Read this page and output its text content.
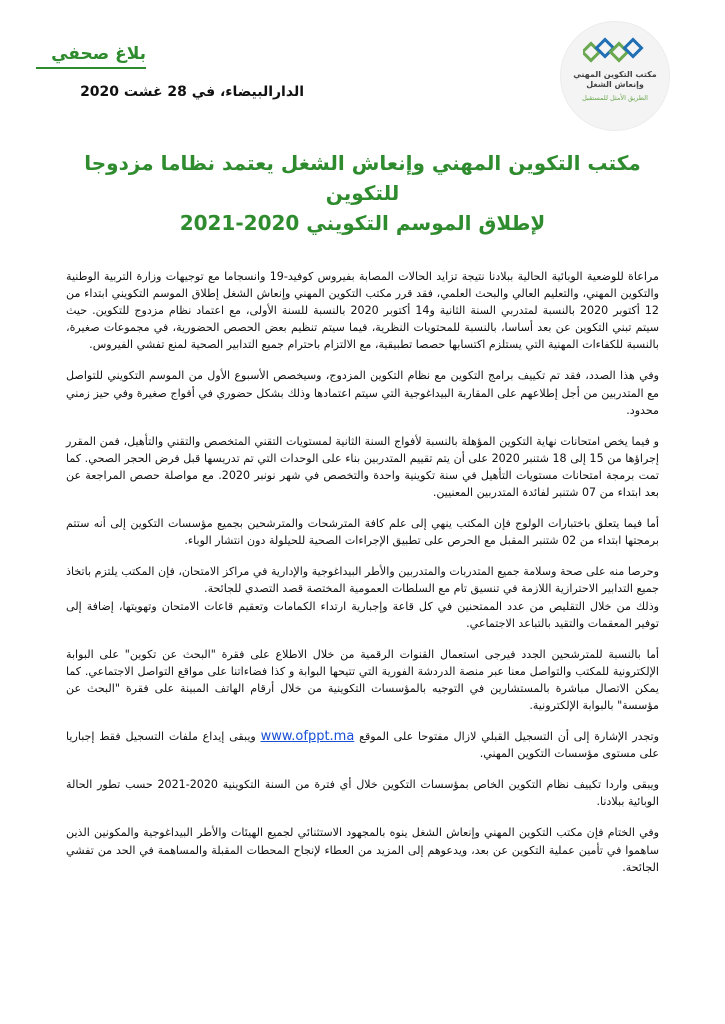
مكتب التكوين المهني
وإنعاش الشغل
الطريق الأمثل للمستقبل
بلاغ صحفي
الدارالبيضاء، في 28 غشت 2020
مكتب التكوين المهني وإنعاش الشغل يعتمد نظاما مزدوجا للتكوين
لإطلاق الموسم التكويني 2020-2021

مراعاة للوضعية الوبائية الحالية ببلادنا نتيجة تزايد الحالات المصابة بفيروس كوفيد-19 وانسجاما مع توجيهات وزارة التربية الوطنية والتكوين المهني، والتعليم العالي والبحث العلمي، فقد قرر مكتب التكوين المهني وإنعاش الشغل إطلاق الموسم التكويني ابتداء من 12 أكتوبر 2020 بالنسبة لمتدربي السنة الثانية و14 أكتوبر 2020 بالنسبة للسنة الأولى، مع اعتماد نظام مزدوج للتكوين. حيث سيتم تبني التكوين عن بعد أساسا، بالنسبة للمحتويات النظرية، فيما سيتم تنظيم بعض الحصص الحضورية، في مجموعات صغيرة، بالنسبة للكفاءات المهنية التي يستلزم اكتسابها حصصا تطبيقية، مع الالتزام باحترام جميع التدابير الصحية لمنع تفشي الفيروس.

وفي هذا الصدد، فقد تم تكييف برامج التكوين مع نظام التكوين المزدوج، وسيخصص الأسبوع الأول من الموسم التكويني للتواصل مع المتدربين من أجل إطلاعهم على المقاربة البيداغوجية التي سيتم اعتمادها وذلك بشكل حضوري في أفواج صغيرة وفي حيز زمني محدود.

و فيما يخص امتحانات نهاية التكوين المؤهلة بالنسبة لأفواج السنة الثانية لمستويات التقني المتخصص والتقني والتأهيل، فمن المقرر إجراؤها من 15 إلى 18 شتنبر 2020 على أن يتم تقييم المتدربين بناء على الوحدات التي تم تدريسها قبل فرض الحجر الصحي. كما تمت برمجة امتحانات مستويات التأهيل في سنة تكوينية واحدة والتخصص في شهر نونبر 2020. مع مواصلة حصص المراجعة عن بعد ابتداء من 07 شتنبر لفائدة المتدربين المعنيين.

أما فيما يتعلق باختبارات الولوج فإن المكتب ينهي إلى علم كافة المترشحات والمترشحين بجميع مؤسسات التكوين إلى أنه ستتم برمجتها ابتداء من 02 شتنبر المقبل مع الحرص على تطبيق الإجراءات الصحية للحيلولة دون انتشار الوباء.

وحرصا منه على صحة وسلامة جميع المتدربات والمتدربين والأطر البيداغوجية والإدارية في مراكز الامتحان، فإن المكتب يلتزم باتخاذ جميع التدابير الاحترازية اللازمة في تنسيق تام مع السلطات العمومية المختصة قصد التصدي للجائحة.

وذلك من خلال التقليص من عدد الممتحنين في كل قاعة وإجبارية ارتداء الكمامات وتعقيم قاعات الامتحان وتهويتها، إضافة إلى توفير المعقمات والتقيد بالتباعد الاجتماعي.

أما بالنسبة للمترشحين الجدد فيرجى استعمال القنوات الرقمية من خلال الاطلاع على فقرة "البحث عن تكوين" على البوابة الإلكترونية للمكتب والتواصل معنا عبر منصة الدردشة الفورية التي تتيحها البوابة و كذا فضاءاتنا على مواقع التواصل الاجتماعي. كما يمكن الاتصال مباشرة بالمستشارين في التوجيه بالمؤسسات التكوينية من خلال أرقام الهاتف المبينة على فقرة "البحث عن مؤسسة" بالبوابة الإلكترونية.

وتجدر الإشارة إلى أن التسجيل القبلي لازال مفتوحا على الموقع www.ofppt.ma ويبقى إيداع ملفات التسجيل فقط إجباريا على مستوى مؤسسات التكوين المهني.

ويبقى واردا تكييف نظام التكوين الخاص بمؤسسات التكوين خلال أي فترة من السنة التكوينية 2020-2021 حسب تطور الحالة الوبائية ببلادنا.

وفي الختام فإن مكتب التكوين المهني وإنعاش الشغل ينوه بالمجهود الاستثنائي لجميع الهيئات والأطر البيداغوجية والمكونين الذين ساهموا في تأمين عملية التكوين عن بعد، ويدعوهم إلى المزيد من العطاء لإنجاح المحطات المقبلة والمساهمة في الحد من تفشي الجائحة.
